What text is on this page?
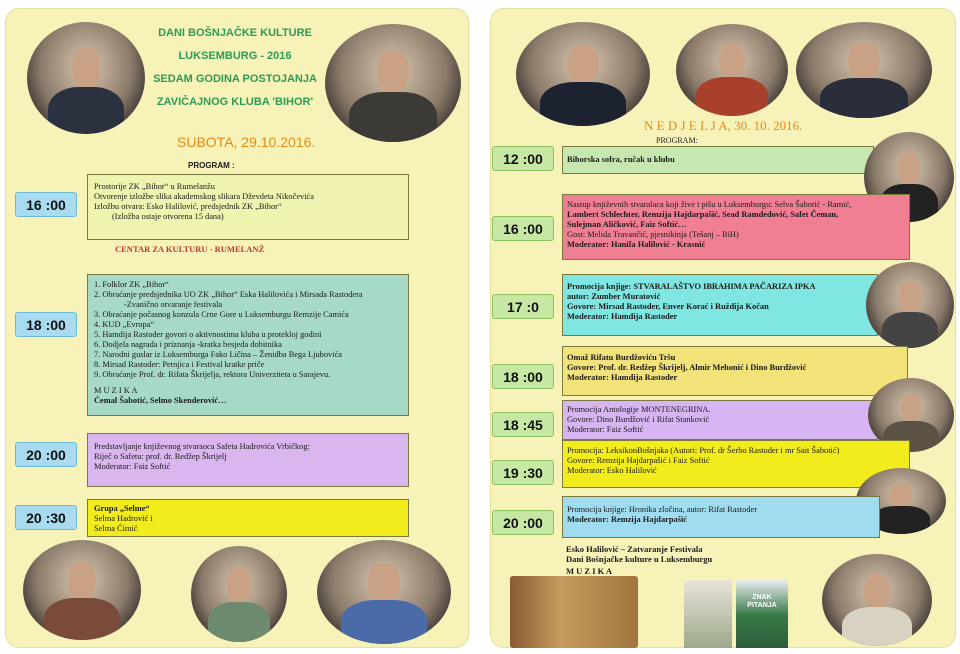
DANI BOŠNJAČKE KULTURE
LUKSEMBURG - 2016
SEDAM GODINA POSTOJANJA
ZAVIČAJNOG KLUBA 'BIHOR'
SUBOTA, 29.10.2016.
PROGRAM :
16 :00

Prostorije ZK „Bihor“ u Rumelanžu

Otvorenje izložbe slika akademskog slikara Dževdeta Nikočevića

Izložbu otvara: Esko Halilović, predsjednik ZK „Bihor“

(Izložba ostaje otvorena 15 dana)

CENTAR ZA KULTURU - RUMELANŽ
18 :00

1. Folklor ZK „Bihor“

2. Obraćanje predsjednika UO ZK „Bihor“ Eska Halilovića i Mirsada Rastodera

-Zvanično otvaranje festivala

3. Obraćanje počasnog konzula Crne Gore u Luksemburgu Remzije Camića

4. KUD „Evropa“

5. Hamdija Rastoder govori o aktivnostima kluba u proteklој godini

6. Dodjela nagrada i priznanja -kratka besjeda dobitnika

7. Narodni guslar iz Luksemburga Fako Ličina – Ženidba Bega Ljubovića

8. Mirsad Rastoder: Petnjica i Festival kratke priče

9. Obraćanje Prof. dr. Rifata Škrijelja, rektora Univerziteta u Sarajevu.

M U Z I K A

Ćemal Šabotić, Selmo Skenderović…

20 :00	Predstavljanje književnog stvaraoca Safeta Hadrovića Vrbičkog:

Riječ o Safetu: prof. dr. Redžep Škrijelj

Moderator: Faiz Softić

20 :30

Grupa „Selme“

Selma Hadrović i

Selma Ćimić

N E D J E L J A, 30. 10. 2016.
PROGRAM:
12 :00	Bihorska sofra, ručak u klubu

16 :00

Nastup književnih stvaralaca koji žive i pišu u Luksemburgu: Selva Šabotić - Ramić,

Lambert Schlechter, Remzija Hajdarpašić, Sead Ramdedović, Safet Čeman,

Sulejman Aličković, Faiz Softić…

Gost: Melida Travančić, pjesnikinja (Tešanj – BiH)

Moderator: Hanifa Halilović - Krasnić

17 :0

Promocija knjige: STVARALAŠTVO IBRAHIMA PAČARIZA IPKA

autor: Zumber Muratović

Govore: Mirsad Rastoder, Enver Korać i Ruždija Kočan

Moderator: Hamdija Rastoder

18 :00

Omaž Rifatu Burdžoviću Tršu

Govore: Prof. dr. Redžep Škrijelj, Almir Mehonić i Dino Burdžović

Moderator: Hamdija Rastoder

18 :45

Promocija Antologije MONTENEGRINA.

Govore: Dino Burdžović i Rifat Stanković

Moderator: Faiz Softić

19 :30

Promocija: LeksikonBošnjaka (Autori: Prof. dr Šerbo Rastoder i mr Sait Šabotić)

Govore: Remzija Hajdarpašić i Faiz Softić

Moderator: Esko Halilović

20 :00

Promocija knjige: Hronika zločina, autor: Rifat Rastoder

Moderator: Remzija Hajdarpašić

Esko Halilović – Zatvaranje Festivala

Dani Bošnjačke kulture u Luksemburgu

M U Z I K A
ZNAK PITANJA
